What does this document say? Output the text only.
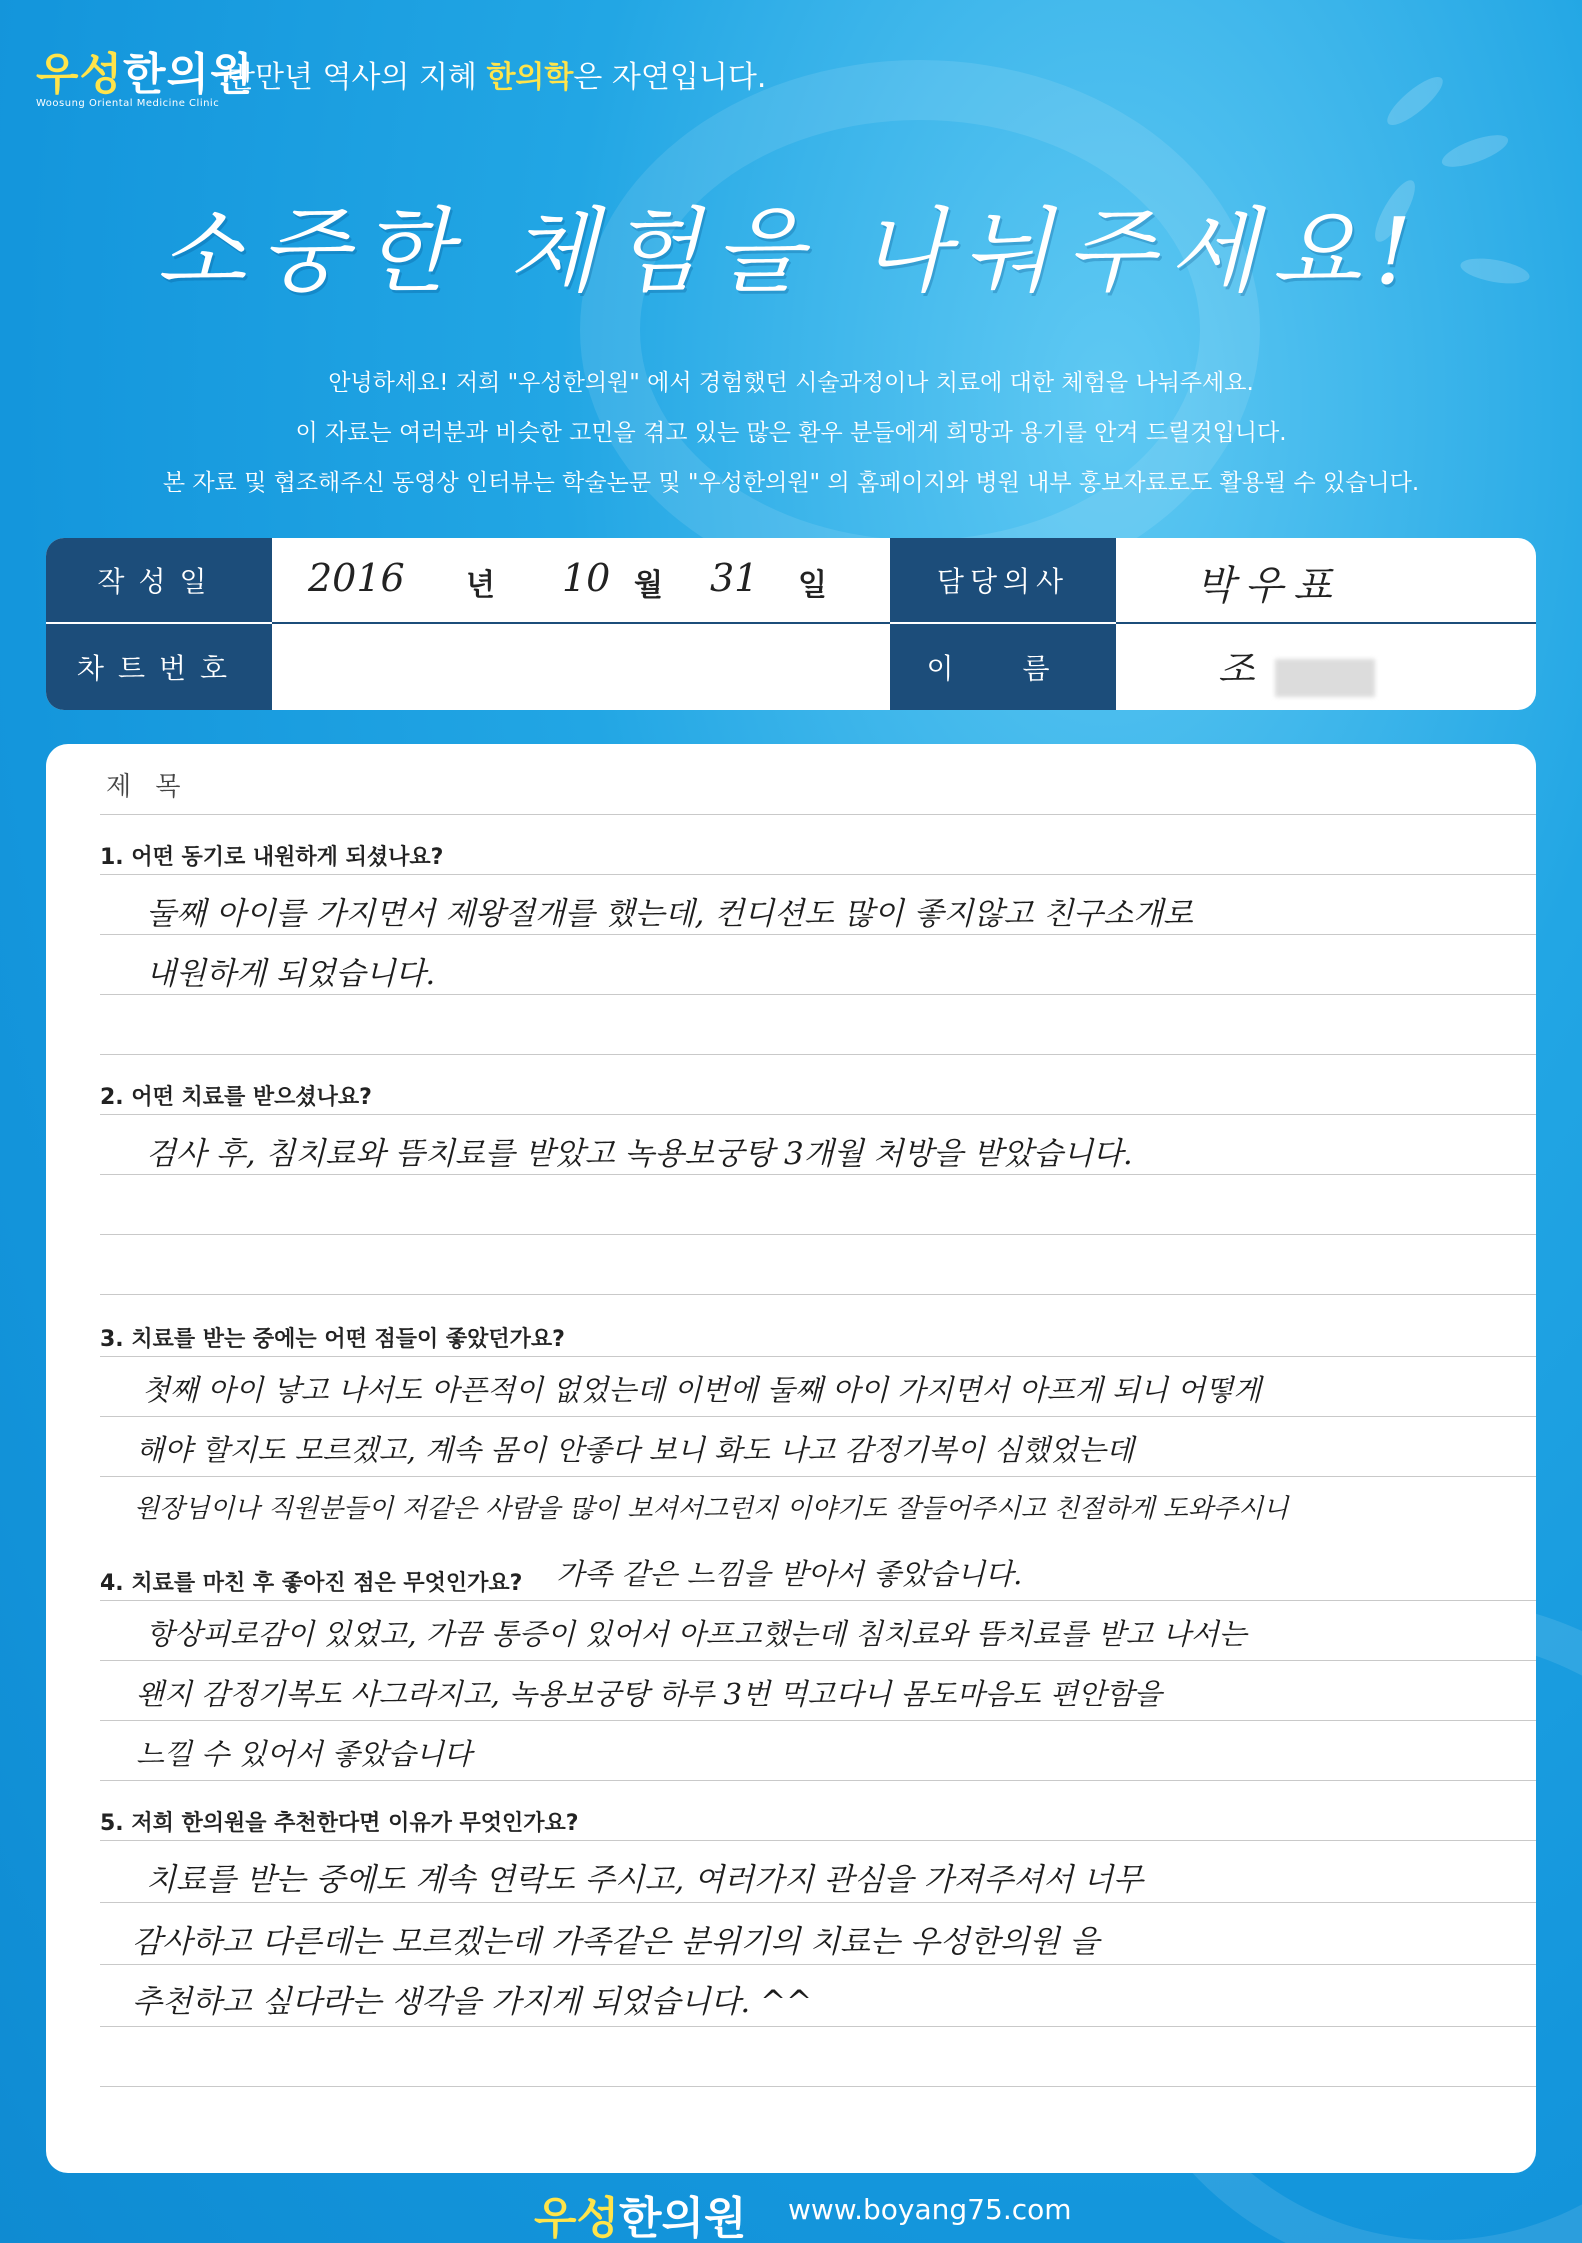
우성한의원
Woosung Oriental Medicine Clinic
반만년 역사의 지혜 한의학은 자연입니다.
소중한 체험을 나눠주세요!
안녕하세요! 저희 "우성한의원" 에서 경험했던 시술과정이나 치료에 대한 체험을 나눠주세요.
이 자료는 여러분과 비슷한 고민을 겪고 있는 많은 환우 분들에게 희망과 용기를 안겨 드릴것입니다.
본 자료 및 협조해주신 동영상 인터뷰는 학술논문 및 "우성한의원" 의 홈페이지와 병원 내부 홍보자료로도 활용될 수 있습니다.
작성일
차트번호
담당의사
이 름
2016 년 10 월 31 일	박우표
조
제 목
1. 어떤 동기로 내원하게 되셨나요?
둘째 아이를 가지면서 제왕절개를 했는데, 컨디션도 많이 좋지않고 친구소개로
내원하게 되었습니다.
2. 어떤 치료를 받으셨나요?
검사 후, 침치료와 뜸치료를 받았고 녹용보궁탕 3개월 처방을 받았습니다.
3. 치료를 받는 중에는 어떤 점들이 좋았던가요?
첫째 아이 낳고 나서도 아픈적이 없었는데 이번에 둘째 아이 가지면서 아프게 되니 어떻게
해야 할지도 모르겠고, 계속 몸이 안좋다 보니 화도 나고 감정기복이 심했었는데
원장님이나 직원분들이 저같은 사람을 많이 보셔서그런지 이야기도 잘들어주시고 친절하게 도와주시니
4. 치료를 마친 후 좋아진 점은 무엇인가요? 가족 같은 느낌을 받아서 좋았습니다.
항상피로감이 있었고, 가끔 통증이 있어서 아프고했는데 침치료와 뜸치료를 받고 나서는
왠지 감정기복도 사그라지고, 녹용보궁탕 하루 3번 먹고다니 몸도마음도 편안함을
느낄 수 있어서 좋았습니다
5. 저희 한의원을 추천한다면 이유가 무엇인가요?
치료를 받는 중에도 계속 연락도 주시고, 여러가지 관심을 가져주셔서 너무
감사하고 다른데는 모르겠는데 가족같은 분위기의 치료는 우성한의원 을
추천하고 싶다라는 생각을 가지게 되었습니다. ^^
우성한의원 www.boyang75.com
